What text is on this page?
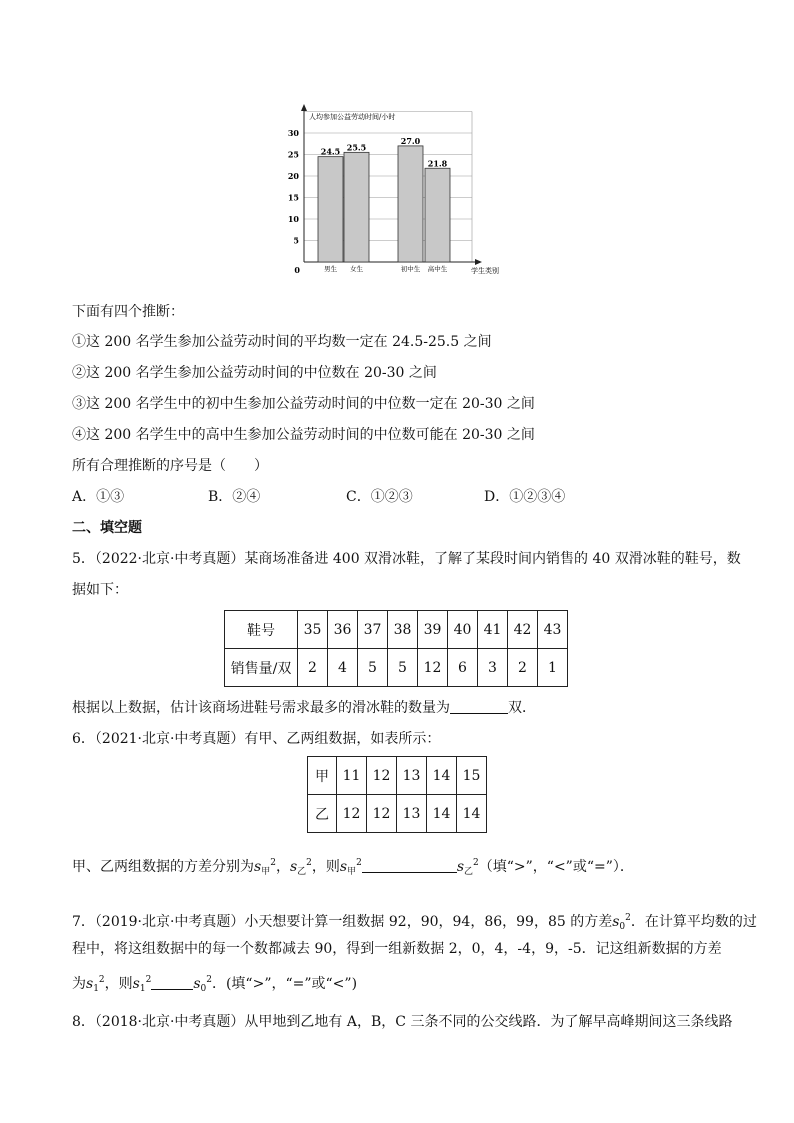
人均参加公益劳动时间/小时
学生类别
0
5
10
15
20
25
30
24.5 25.5
27.0
21.8
男生 女生	初中生 高中生
下面有四个推断：
①这 200 名学生参加公益劳动时间的平均数一定在 24.5-25.5 之间
②这 200 名学生参加公益劳动时间的中位数在 20-30 之间
③这 200 名学生中的初中生参加公益劳动时间的中位数一定在 20-30 之间
④这 200 名学生中的高中生参加公益劳动时间的中位数可能在 20-30 之间
所有合理推断的序号是（　　）
A．①③	B．②④	C．①②③	D．①②③④
二、填空题
5．（2022·北京·中考真题）某商场准备进 400 双滑冰鞋，了解了某段时间内销售的 40 双滑冰鞋的鞋号，数
据如下：
鞋号	35	36	37	38	39	40	41	42	43
销售量/双	2	4	5	5	12	6	3	2	1
根据以上数据，估计该商场进鞋号需求最多的滑冰鞋的数量为	双．
6．（2021·北京·中考真题）有甲、乙两组数据，如表所示：
甲	11	12	13	14	15
乙	12	12	13	14	14
甲、乙两组数据的方差分别为$s_甲^2$，$s_乙^2$，则$s_甲^2$	$s_乙^2$（填“>”，“<”或“=”）．
7．（2019·北京·中考真题）小天想要计算一组数据 92，90，94，86，99，85 的方差$s_0^2$．在计算平均数的过
程中，将这组数据中的每一个数都减去 90，得到一组新数据 2，0，4，-4，9，-5．记这组新数据的方差
为$s_1^2$，则$s_1^2$	$s_0^2$．(填“>”，“=”或“<”)
8．（2018·北京·中考真题）从甲地到乙地有 A，B，C 三条不同的公交线路．为了解早高峰期间这三条线路
